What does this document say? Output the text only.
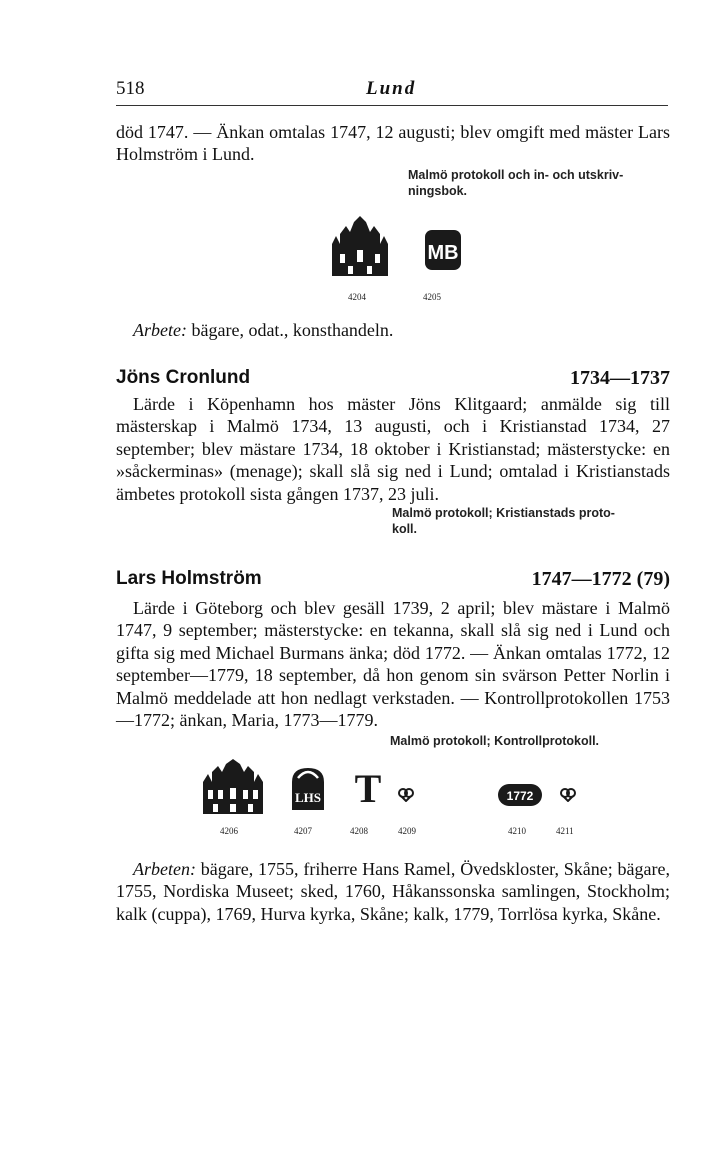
518	Lund

död 1747. — Änkan omtalas 1747, 12 augusti; blev omgift med mäster Lars Holmström i Lund.

Malmö protokoll och in- och utskriv-
ningsbok.
MB
4204	4205

Arbete: bägare, odat., konsthandeln.

Jöns Cronlund	1734—1737

Lärde i Köpenhamn hos mäster Jöns Klitgaard; anmälde sig till mästerskap i Malmö 1734, 13 augusti, och i Kristianstad 1734, 27 september; blev mästare 1734, 18 oktober i Kristianstad; mästerstycke: en »såckerminas» (menage); skall slå sig ned i Lund; omtalad i Kristianstads ämbetes protokoll sista gången 1737, 23 juli.

Malmö protokoll; Kristianstads proto-
koll.
Lars Holmström	1747—1772 (79)

Lärde i Göteborg och blev gesäll 1739, 2 april; blev mästare i Malmö 1747, 9 september; mästerstycke: en tekanna, skall slå sig ned i Lund och gifta sig med Michael Burmans änka; död 1772. — Änkan omtalas 1772, 12 september—1779, 18 september, då hon genom sin svärson Petter Norlin i Malmö meddelade att hon nedlagt verkstaden. — Kontrollprotokollen 1753—1772; änkan, Maria, 1773—1779.

Malmö protokoll; Kontrollprotokoll.
LHS T	1772
4206	4207	4208	4209	4210	4211

Arbeten: bägare, 1755, friherre Hans Ramel, Övedskloster, Skåne; bägare, 1755, Nordiska Museet; sked, 1760, Håkanssonska samlingen, Stockholm; kalk (cuppa), 1769, Hurva kyrka, Skåne; kalk, 1779, Torrlösa kyrka, Skåne.
